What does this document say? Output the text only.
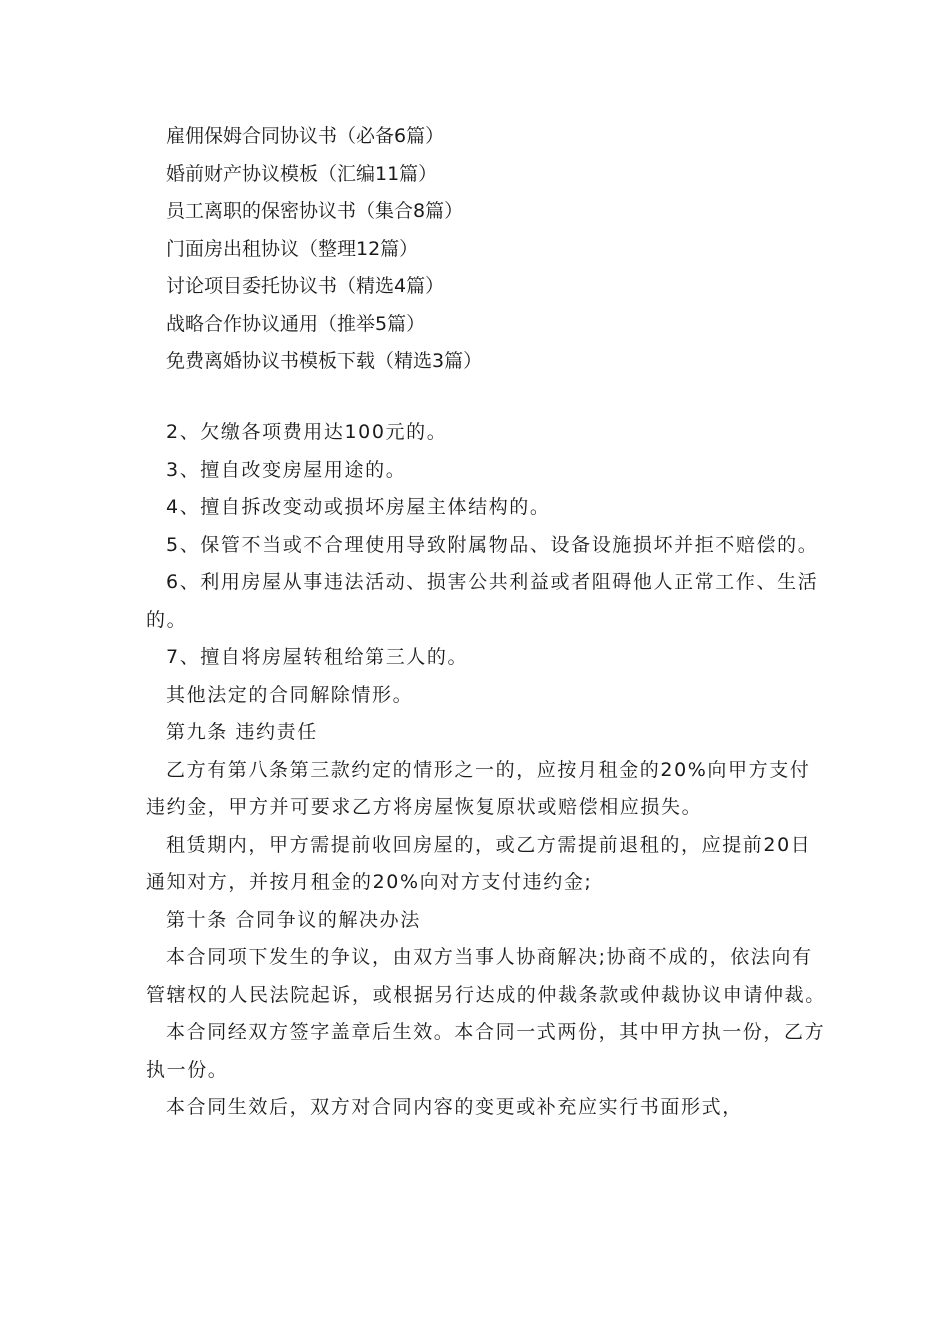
雇佣保姆合同协议书（必备6篇）
婚前财产协议模板（汇编11篇）
员工离职的保密协议书（集合8篇）
门面房出租协议（整理12篇）
讨论项目委托协议书（精选4篇）
战略合作协议通用（推举5篇）
免费离婚协议书模板下载（精选3篇）

2、欠缴各项费用达100元的。

3、擅自改变房屋用途的。

4、擅自拆改变动或损坏房屋主体结构的。

5、保管不当或不合理使用导致附属物品、设备设施损坏并拒不赔偿的。

6、利用房屋从事违法活动、损害公共利益或者阻碍他人正常工作、生活的。

7、擅自将房屋转租给第三人的。

其他法定的合同解除情形。

第九条 违约责任

乙方有第八条第三款约定的情形之一的，应按月租金的20%向甲方支付违约金，甲方并可要求乙方将房屋恢复原状或赔偿相应损失。

租赁期内，甲方需提前收回房屋的，或乙方需提前退租的，应提前20日通知对方，并按月租金的20%向对方支付违约金;

第十条 合同争议的解决办法

本合同项下发生的争议，由双方当事人协商解决;协商不成的，依法向有管辖权的人民法院起诉，或根据另行达成的仲裁条款或仲裁协议申请仲裁。

本合同经双方签字盖章后生效。本合同一式两份，其中甲方执一份，乙方执一份。

本合同生效后，双方对合同内容的变更或补充应实行书面形式，
